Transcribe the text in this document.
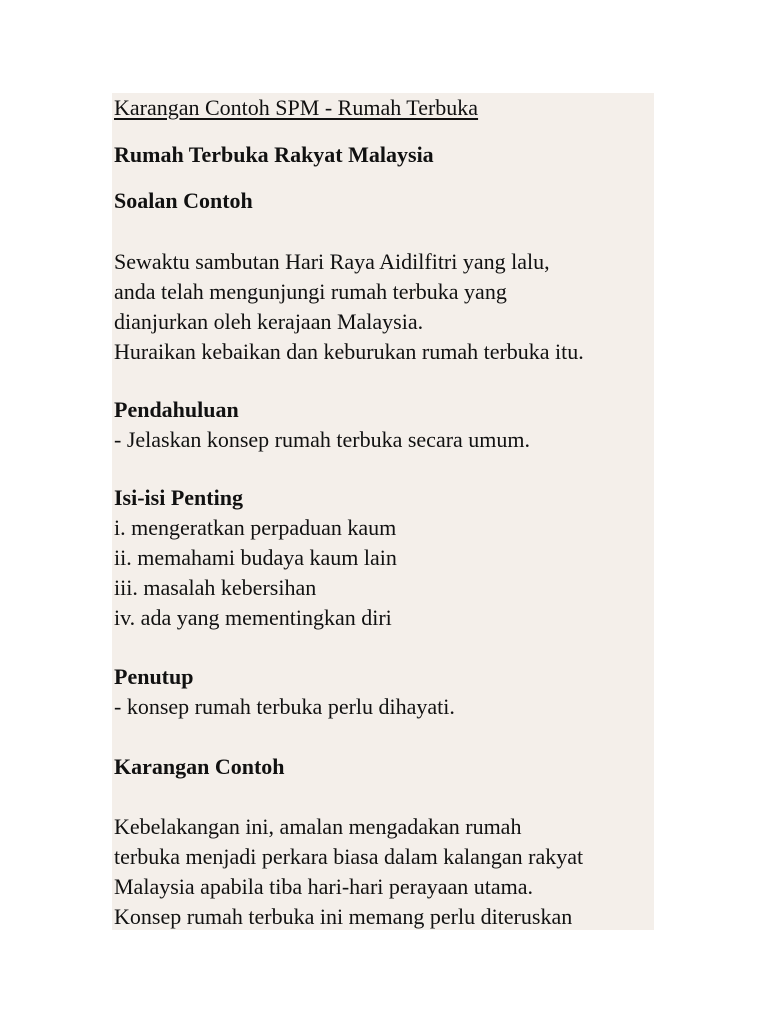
Karangan Contoh SPM - Rumah Terbuka
Rumah Terbuka Rakyat Malaysia
Soalan Contoh
Sewaktu sambutan Hari Raya Aidilfitri yang lalu,
anda telah mengunjungi rumah terbuka yang
dianjurkan oleh kerajaan Malaysia.
Huraikan kebaikan dan keburukan rumah terbuka itu.
Pendahuluan
- Jelaskan konsep rumah terbuka secara umum.
Isi-isi Penting
i. mengeratkan perpaduan kaum
ii. memahami budaya kaum lain
iii. masalah kebersihan
iv. ada yang mementingkan diri
Penutup
- konsep rumah terbuka perlu dihayati.
Karangan Contoh
Kebelakangan ini, amalan mengadakan rumah
terbuka menjadi perkara biasa dalam kalangan rakyat
Malaysia apabila tiba hari-hari perayaan utama.
Konsep rumah terbuka ini memang perlu diteruskan
